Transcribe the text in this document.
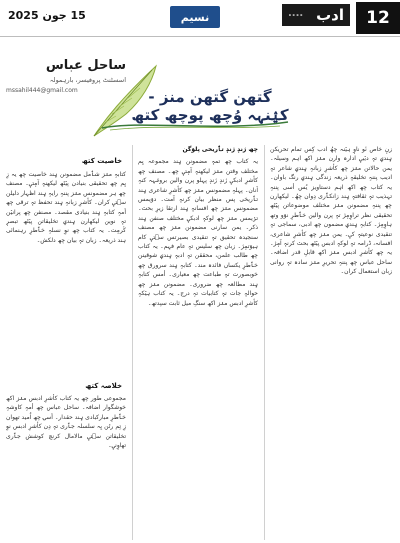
12
.... ادب
نسیم
15 جون 2025
ساحل عباس
اسسٹنٹ پروفیسر، بارہمولہ
mssahil444@gmail.com	گتھن گتھن منز - کیٛنہہ وُچھ پوچھ کتھ

زنٕ خاص نٔو ناوٕ ہیٚنہ چھُ ادب کِس تمام تحریکن ہٕندؠ تہٕ دیٚبؠ ادارہ وارن منٛز اکھ اہم وسیلہ۔ یمن حالاتن منٛز چھ کأشرِ زبانہِ ہٕندؠ شاعر تہٕ ادیب پننہِ تخلیقہٕ ذریعہ زندگی ہٕندؠ رنگ باوان۔ یہ کتاب چھ اکھ اہم دستاویز یُس أسی پننہِ تہذیب تہٕ ثقافتہٕ ہٕند زانکٲری دِوان چھُ۔ لیکھارن چھ پننہِ مضمونن منٛز مختلف موضوعاتن پیٚٹھ تحقیقی نظر تراوٕمٕژ تہٕ پرن والین خٲطرٕ نوٚو وتھ ہاوٕمٕژ۔ کتابہِ ہٕندؠ مضمون چھ ادبی، سماجی تہٕ تنقیدی نوعیتہٕ کؠ۔ یمن منٛز چھ کأشرِ شاعری، افسانہ، ڈرامہ تہٕ لوکہٕ ادبس پیٚٹھ بحث کرنہٕ آمٕژ۔ یہ چھ کأشرِ ادبس منٛز اکھ قابلِ قدر اضافہ۔ ساحل عباس چھ پننہِ تحریرِ منٛز سادہ تہٕ روانی زبان استعمال کران۔

چھ ژندٕ ژندٕ تٲریخی پلوٚگن

یہ کتاب چھ تمہٕ مضمونن ہٕند مجموعہ یِم مختلف وقتن منٛز لیکھنہٕ آمٕتؠ چھ۔ مصنف چھ کأشرِ ادبکؠ ژندٕ ژندٕ پہلو پرن والین برونٛہہ کنہِ اَنان۔ پہلہِ مضمونس منٛز چھ کأشرِ شاعری ہٕند تٲریخی پس منظر بیان کرنہٕ آمت۔ دوٚیمس مضمونس منٛز چھ افسانہٕ ہٕند ارتقا زیرِ بحث۔ ترٛیمس منٛز چھ لوکہٕ ادبکؠ مختلف صنفن ہٕند ذکر۔ یمن سارنی مضمونن منٛز چھ مصنف سنجیدہ تحقیق تہٕ تنقیدی بصیرتس سۭتؠ کام ہیوٚتمٕژ۔ زبان چھ سلیس تہٕ عام فہم۔ یہ کتاب چھ طالب علمن، محققن تہٕ ادبہٕ ہٕندؠ شوقینن خٲطرٕ یکساں فائدہ مند۔ کتابہِ ہٕند سرورق چھ خوبصورت تہٕ طباعت چھ معیاری۔ أمس کتابہِ ہٕند مطالعہ چھ ضروری۔ مضمونن منٛز چھ حوالہٕ جات تہٕ کتابیات تہِ درج۔ یہ کتاب ہیٚکہِ کأشرِ ادبس منٛز اکھ سنگِ میل ثابت سپدتھ۔

خاصیت کتھ

کتابہِ منٛز شٲمل مضمونن ہٕند خاصیت چھ یہ زِ یِم چھ تحقیقی بنیادن پیٚٹھ لیکھنہٕ آمٕتؠ۔ مصنف چھ ہر مضمونس منٛز پننہِ رایہِ ہٕند اظہار دلیلن سۭتؠ کران۔ کأشرِ زبانہِ ہٕند تحفظ تہٕ ترقی چھ أمہِ کتابہِ ہٕند بنیادی مقصد۔ مصنفن چھ پرانیٚن تہٕ نوین لیکھارن ہٕندؠ تخلیقاتن پیٚٹھ تبصرٕ کٔرمٕت۔ یہ کتاب چھ نوِ نسلہِ خٲطرٕ رہنمائی ہند ذریعہ۔ زبان تہٕ بیان چھ دلکش۔

خلاصہ کتھ

مجموعی طور چھ یہ کتاب کأشرِ ادبس منٛز اکھ خوشگوار اضافہ۔ ساحل عباس چھ أمہِ کاوشہِ خٲطرٕ مبارکبادی ہٕند حقدار۔ أسۍ چھ اُمید تھوان زِ تِم رٹن یِہ سلسلہ جٲری تہٕ دِن کأشرِ ادبس نوِ تخلیقاتن سۭتؠ مالامال کرنچ کوشش جٲری تھاوٕنؠ۔
